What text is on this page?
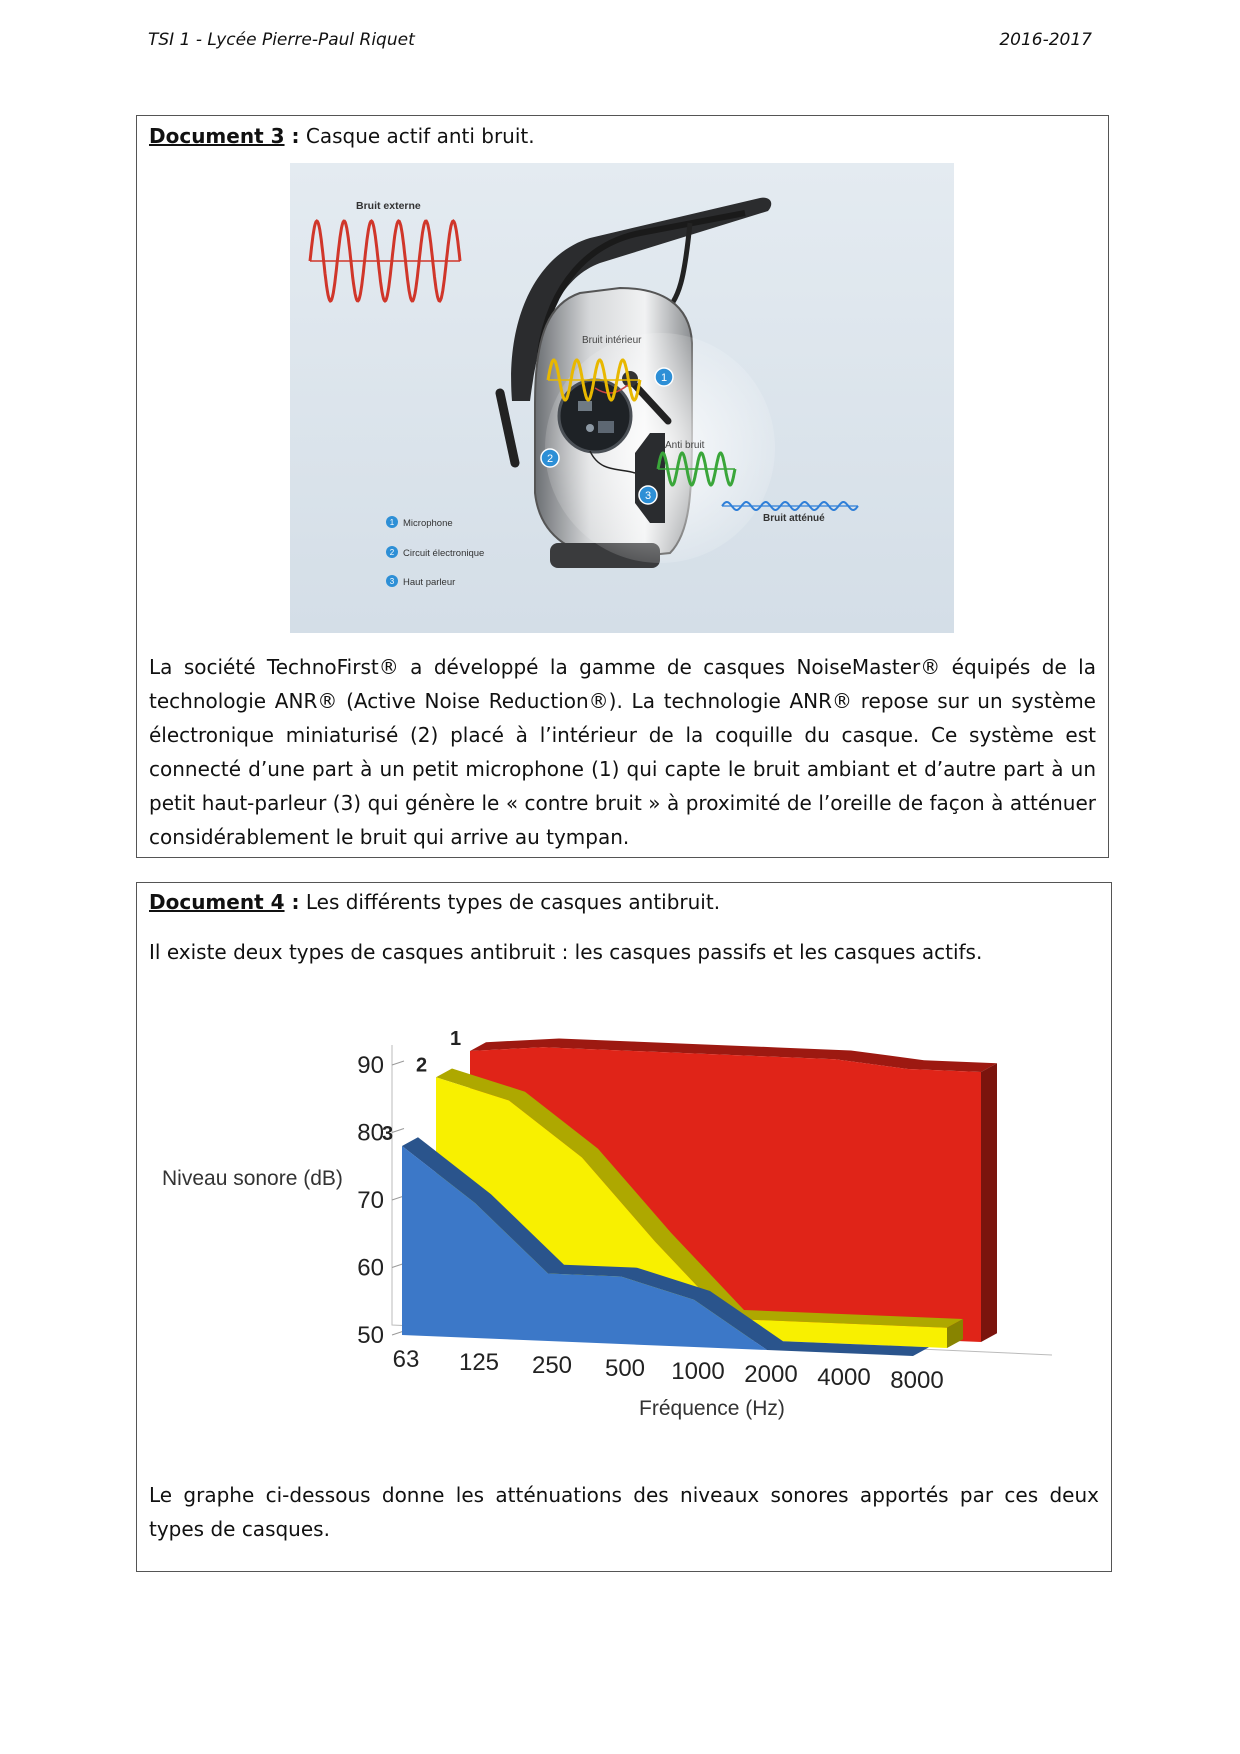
TSI 1 - Lycée Pierre-Paul Riquet	2016-2017
Document 3 : Casque actif anti bruit.
Bruit externe
Bruit intérieur
Anti bruit
Bruit atténué
1
2
3
1 Microphone
2 Circuit électronique
3 Haut parleur
La société TechnoFirst® a développé la gamme de casques NoiseMaster® équipés de la technologie ANR® (Active Noise Reduction®). La technologie ANR® repose sur un système électronique miniaturisé (2) placé à l’intérieur de la coquille du casque. Ce système est connecté d’une part à un petit microphone (1) qui capte le bruit ambiant et d’autre part à un petit haut-parleur (3) qui génère le « contre bruit » à proximité de l’oreille de façon à atténuer considérablement le bruit qui arrive au tympan.
Document 4 : Les différents types de casques antibruit.
Il existe deux types de casques antibruit : les casques passifs et les casques actifs.
50
60
70
80
90
1
2
3
63 125 250 500 1000 2000 4000 8000
Fréquence (Hz)
Niveau sonore (dB)
Le graphe ci-dessous donne les atténuations des niveaux sonores apportés par ces deux types de casques.
